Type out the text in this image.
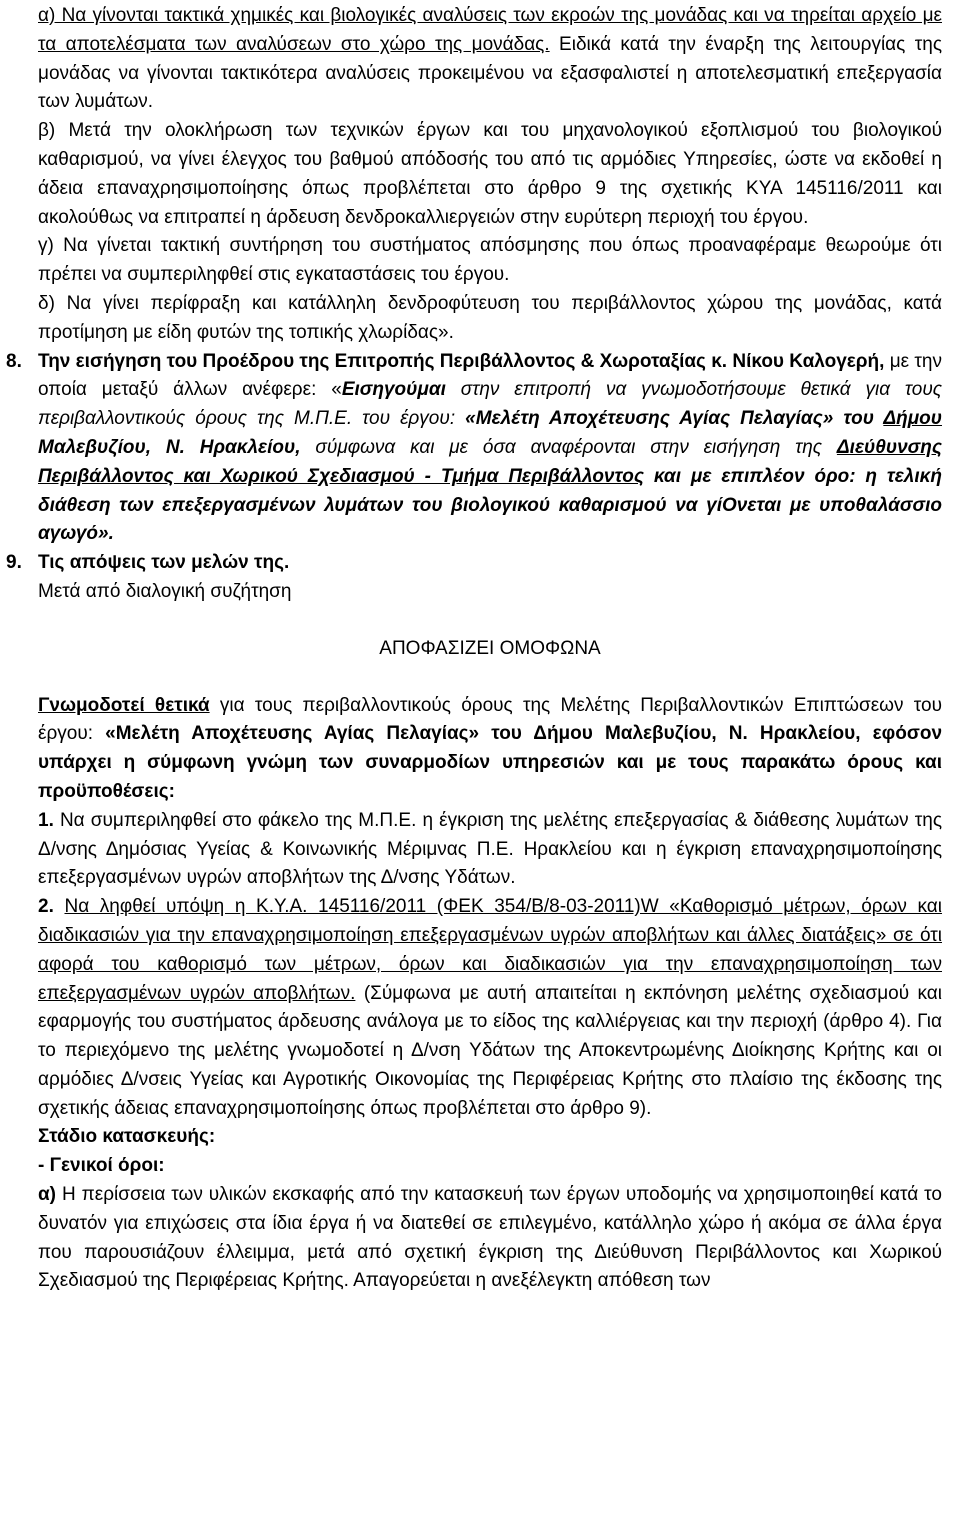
α) Να γίνονται τακτικά χημικές και βιολογικές αναλύσεις των εκροών της μονάδας και να τηρείται αρχείο με τα αποτελέσματα των αναλύσεων στο χώρο της μονάδας. Ειδικά κατά την έναρξη της λειτουργίας της μονάδας να γίνονται τακτικότερα αναλύσεις προκειμένου να εξασφαλιστεί η αποτελεσματική επεξεργασία των λυμάτων.

β) Μετά την ολοκλήρωση των τεχνικών έργων και του μηχανολογικού εξοπλισμού του βιολογικού καθαρισμού, να γίνει έλεγχος του βαθμού απόδοσής του από τις αρμόδιες Υπηρεσίες, ώστε να εκδοθεί η άδεια επαναχρησιμοποίησης όπως προβλέπεται στο άρθρο 9 της σχετικής ΚΥΑ 145116/2011 και ακολούθως να επιτραπεί η άρδευση δενδροκαλλιεργειών στην ευρύτερη περιοχή του έργου.

γ) Να γίνεται τακτική συντήρηση του συστήματος απόσμησης που όπως προαναφέραμε θεωρούμε ότι πρέπει να συμπεριληφθεί στις εγκαταστάσεις του έργου.

δ) Να γίνει περίφραξη και κατάλληλη δενδροφύτευση του περιβάλλοντος χώρου της μονάδας, κατά προτίμηση με είδη φυτών της τοπικής χλωρίδας».

8. Την εισήγηση του Προέδρου της Επιτροπής Περιβάλλοντος & Χωροταξίας κ. Νίκου Καλογερή, με την οποία μεταξύ άλλων ανέφερε: «Εισηγούμαι στην επιτροπή να γνωμοδοτήσουμε θετικά για τους περιβαλλοντικούς όρους της Μ.Π.Ε. του έργου: «Μελέτη Αποχέτευσης Αγίας Πελαγίας» του Δήμου Μαλεβυζίου, Ν. Ηρακλείου, σύμφωνα και με όσα αναφέρονται στην εισήγηση της Διεύθυνσης Περιβάλλοντος και Χωρικού Σχεδιασμού - Τμήμα Περιβάλλοντος και με επιπλέον όρο: η τελική διάθεση των επεξεργασμένων λυμάτων του βιολογικού καθαρισμού να γίΟνεται με υποθαλάσσιο αγωγό».

9. Τις απόψεις των μελών της.

Μετά από διαλογική συζήτηση

ΑΠΟΦΑΣΙΖΕΙ ΟΜΟΦΩΝΑ

Γνωμοδοτεί θετικά για τους περιβαλλοντικούς όρους της Μελέτης Περιβαλλοντικών Επιπτώσεων του έργου: «Μελέτη Αποχέτευσης Αγίας Πελαγίας» του Δήμου Μαλεβυζίου, Ν. Ηρακλείου, εφόσον υπάρχει η σύμφωνη γνώμη των συναρμοδίων υπηρεσιών και με τους παρακάτω όρους και προϋποθέσεις:

1. Να συμπεριληφθεί στο φάκελο της Μ.Π.Ε. η έγκριση της μελέτης επεξεργασίας & διάθεσης λυμάτων της Δ/νσης Δημόσιας Υγείας & Κοινωνικής Μέριμνας Π.Ε. Ηρακλείου και η έγκριση επαναχρησιμοποίησης επεξεργασμένων υγρών αποβλήτων της Δ/νσης Υδάτων.

2. Να ληφθεί υπόψη η Κ.Υ.Α. 145116/2011 (ΦΕΚ 354/Β/8-03-2011)W «Καθορισμό μέτρων, όρων και διαδικασιών για την επαναχρησιμοποίηση επεξεργασμένων υγρών αποβλήτων και άλλες διατάξεις» σε ότι αφορά του καθορισμό των μέτρων, όρων και διαδικασιών για την επαναχρησιμοποίηση των επεξεργασμένων υγρών αποβλήτων. (Σύμφωνα με αυτή απαιτείται η εκπόνηση μελέτης σχεδιασμού και εφαρμογής του συστήματος άρδευσης ανάλογα με το είδος της καλλιέργειας και την περιοχή (άρθρο 4). Για το περιεχόμενο της μελέτης γνωμοδοτεί η Δ/νση Υδάτων της Αποκεντρωμένης Διοίκησης Κρήτης και οι αρμόδιες Δ/νσεις Υγείας και Αγροτικής Οικονομίας της Περιφέρειας Κρήτης στο πλαίσιο της έκδοσης της σχετικής άδειας επαναχρησιμοποίησης όπως προβλέπεται στο άρθρο 9).

Στάδιο κατασκευής:

- Γενικοί όροι:

α) Η περίσσεια των υλικών εκσκαφής από την κατασκευή των έργων υποδομής να χρησιμοποιηθεί κατά το δυνατόν για επιχώσεις στα ίδια έργα ή να διατεθεί σε επιλεγμένο, κατάλληλο χώρο ή ακόμα σε άλλα έργα που παρουσιάζουν έλλειμμα, μετά από σχετική έγκριση της Διεύθυνση Περιβάλλοντος και Χωρικού Σχεδιασμού της Περιφέρειας Κρήτης. Απαγορεύεται η ανεξέλεγκτη απόθεση των
